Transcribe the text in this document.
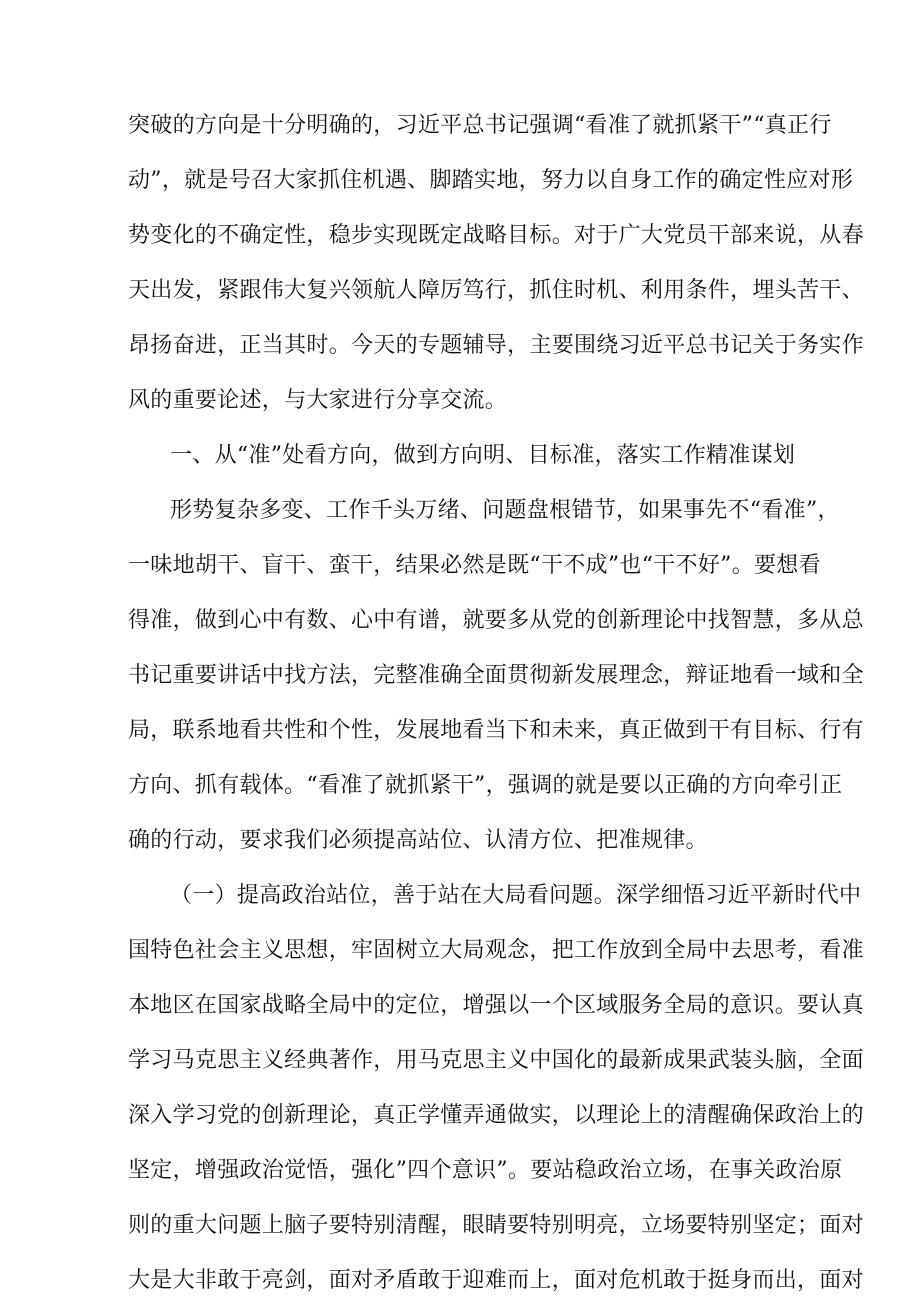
突破的方向是十分明确的，习近平总书记强调“看准了就抓紧干”“真正行

动”，就是号召大家抓住机遇、脚踏实地，努力以自身工作的确定性应对形

势变化的不确定性，稳步实现既定战略目标。对于广大党员干部来说，从春

天出发，紧跟伟大复兴领航人障厉笃行，抓住时机、利用条件，埋头苦干、

昂扬奋进，正当其时。今天的专题辅导，主要围绕习近平总书记关于务实作

风的重要论述，与大家进行分享交流。

一、从“准”处看方向，做到方向明、目标准，落实工作精准谋划

形势复杂多变、工作千头万绪、问题盘根错节，如果事先不“看准”，

一味地胡干、盲干、蛮干，结果必然是既“干不成”也“干不好”。要想看

得准，做到心中有数、心中有谱，就要多从党的创新理论中找智慧，多从总

书记重要讲话中找方法，完整准确全面贯彻新发展理念，辩证地看一域和全

局，联系地看共性和个性，发展地看当下和未来，真正做到干有目标、行有

方向、抓有载体。“看准了就抓紧干”，强调的就是要以正确的方向牵引正

确的行动，要求我们必须提高站位、认清方位、把准规律。

（一）提高政治站位，善于站在大局看问题。深学细悟习近平新时代中

国特色社会主义思想，牢固树立大局观念，把工作放到全局中去思考，看准

本地区在国家战略全局中的定位，增强以一个区域服务全局的意识。要认真

学习马克思主义经典著作，用马克思主义中国化的最新成果武装头脑，全面

深入学习党的创新理论，真正学懂弄通做实，以理论上的清醒确保政治上的

坚定，增强政治觉悟，强化”四个意识”。要站稳政治立场，在事关政治原

则的重大问题上脑子要特别清醒，眼睛要特别明亮，立场要特别坚定；面对

大是大非敢于亮剑，面对矛盾敢于迎难而上，面对危机敢于挺身而出，面对
